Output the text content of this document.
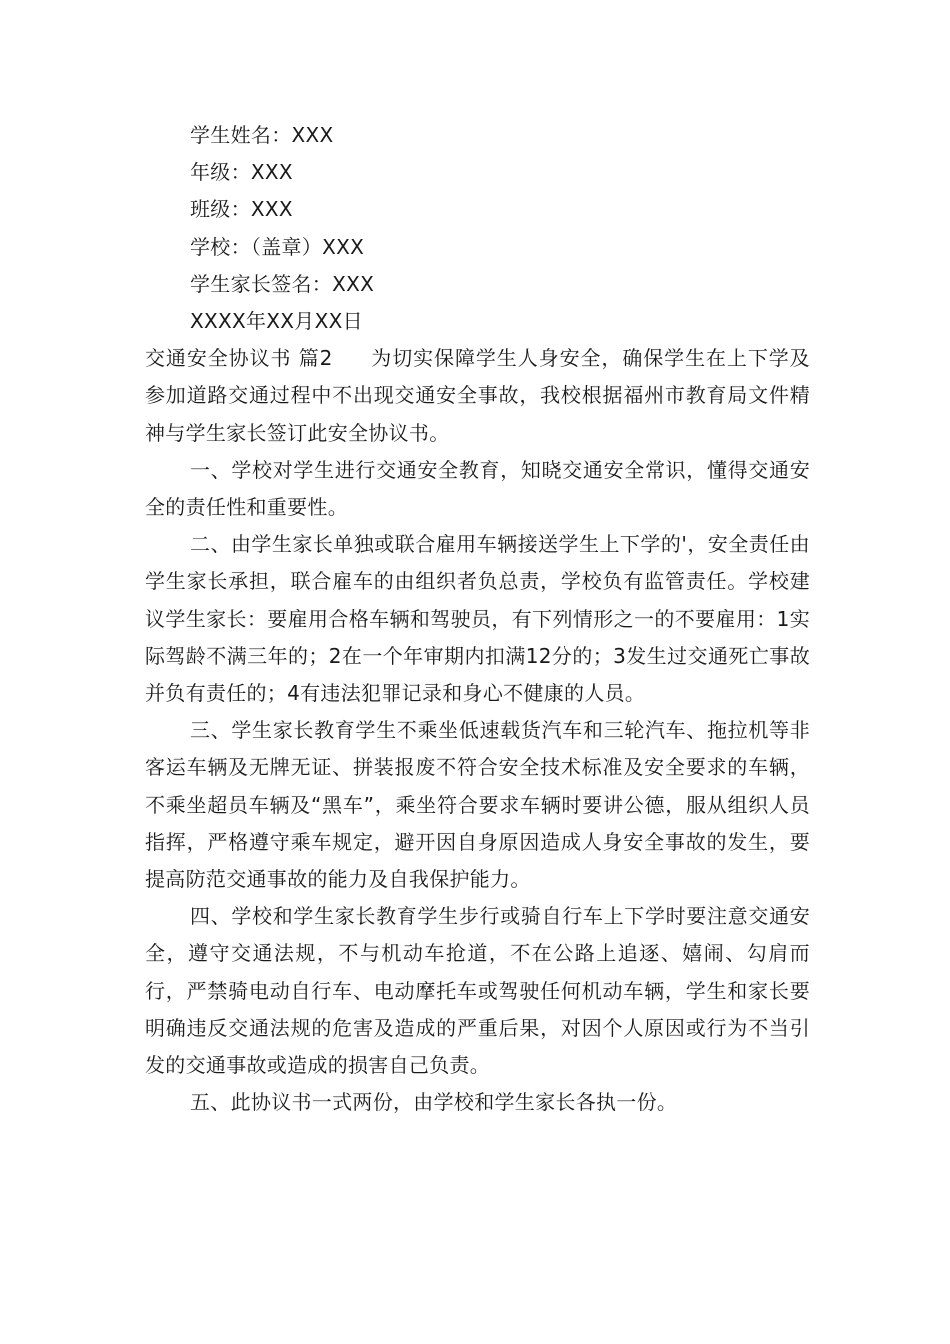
学生姓名：XXX

年级：XXX

班级：XXX

学校：（盖章）XXX

学生家长签名：XXX

XXXX年XX月XX日

交通安全协议书 篇2 为切实保障学生人身安全，确保学生在上下学及参加道路交通过程中不出现交通安全事故，我校根据福州市教育局文件精神与学生家长签订此安全协议书。

一、学校对学生进行交通安全教育，知晓交通安全常识，懂得交通安全的责任性和重要性。

二、由学生家长单独或联合雇用车辆接送学生上下学的'，安全责任由学生家长承担，联合雇车的由组织者负总责，学校负有监管责任。学校建议学生家长：要雇用合格车辆和驾驶员，有下列情形之一的不要雇用：1实际驾龄不满三年的；2在一个年审期内扣满12分的；3发生过交通死亡事故并负有责任的；4有违法犯罪记录和身心不健康的人员。

三、学生家长教育学生不乘坐低速载货汽车和三轮汽车、拖拉机等非客运车辆及无牌无证、拼装报废不符合安全技术标准及安全要求的车辆，不乘坐超员车辆及“黑车”，乘坐符合要求车辆时要讲公德，服从组织人员指挥，严格遵守乘车规定，避开因自身原因造成人身安全事故的发生，要提高防范交通事故的能力及自我保护能力。

四、学校和学生家长教育学生步行或骑自行车上下学时要注意交通安全，遵守交通法规，不与机动车抢道，不在公路上追逐、嬉闹、勾肩而行，严禁骑电动自行车、电动摩托车或驾驶任何机动车辆，学生和家长要明确违反交通法规的危害及造成的严重后果，对因个人原因或行为不当引发的交通事故或造成的损害自己负责。

五、此协议书一式两份，由学校和学生家长各执一份。
